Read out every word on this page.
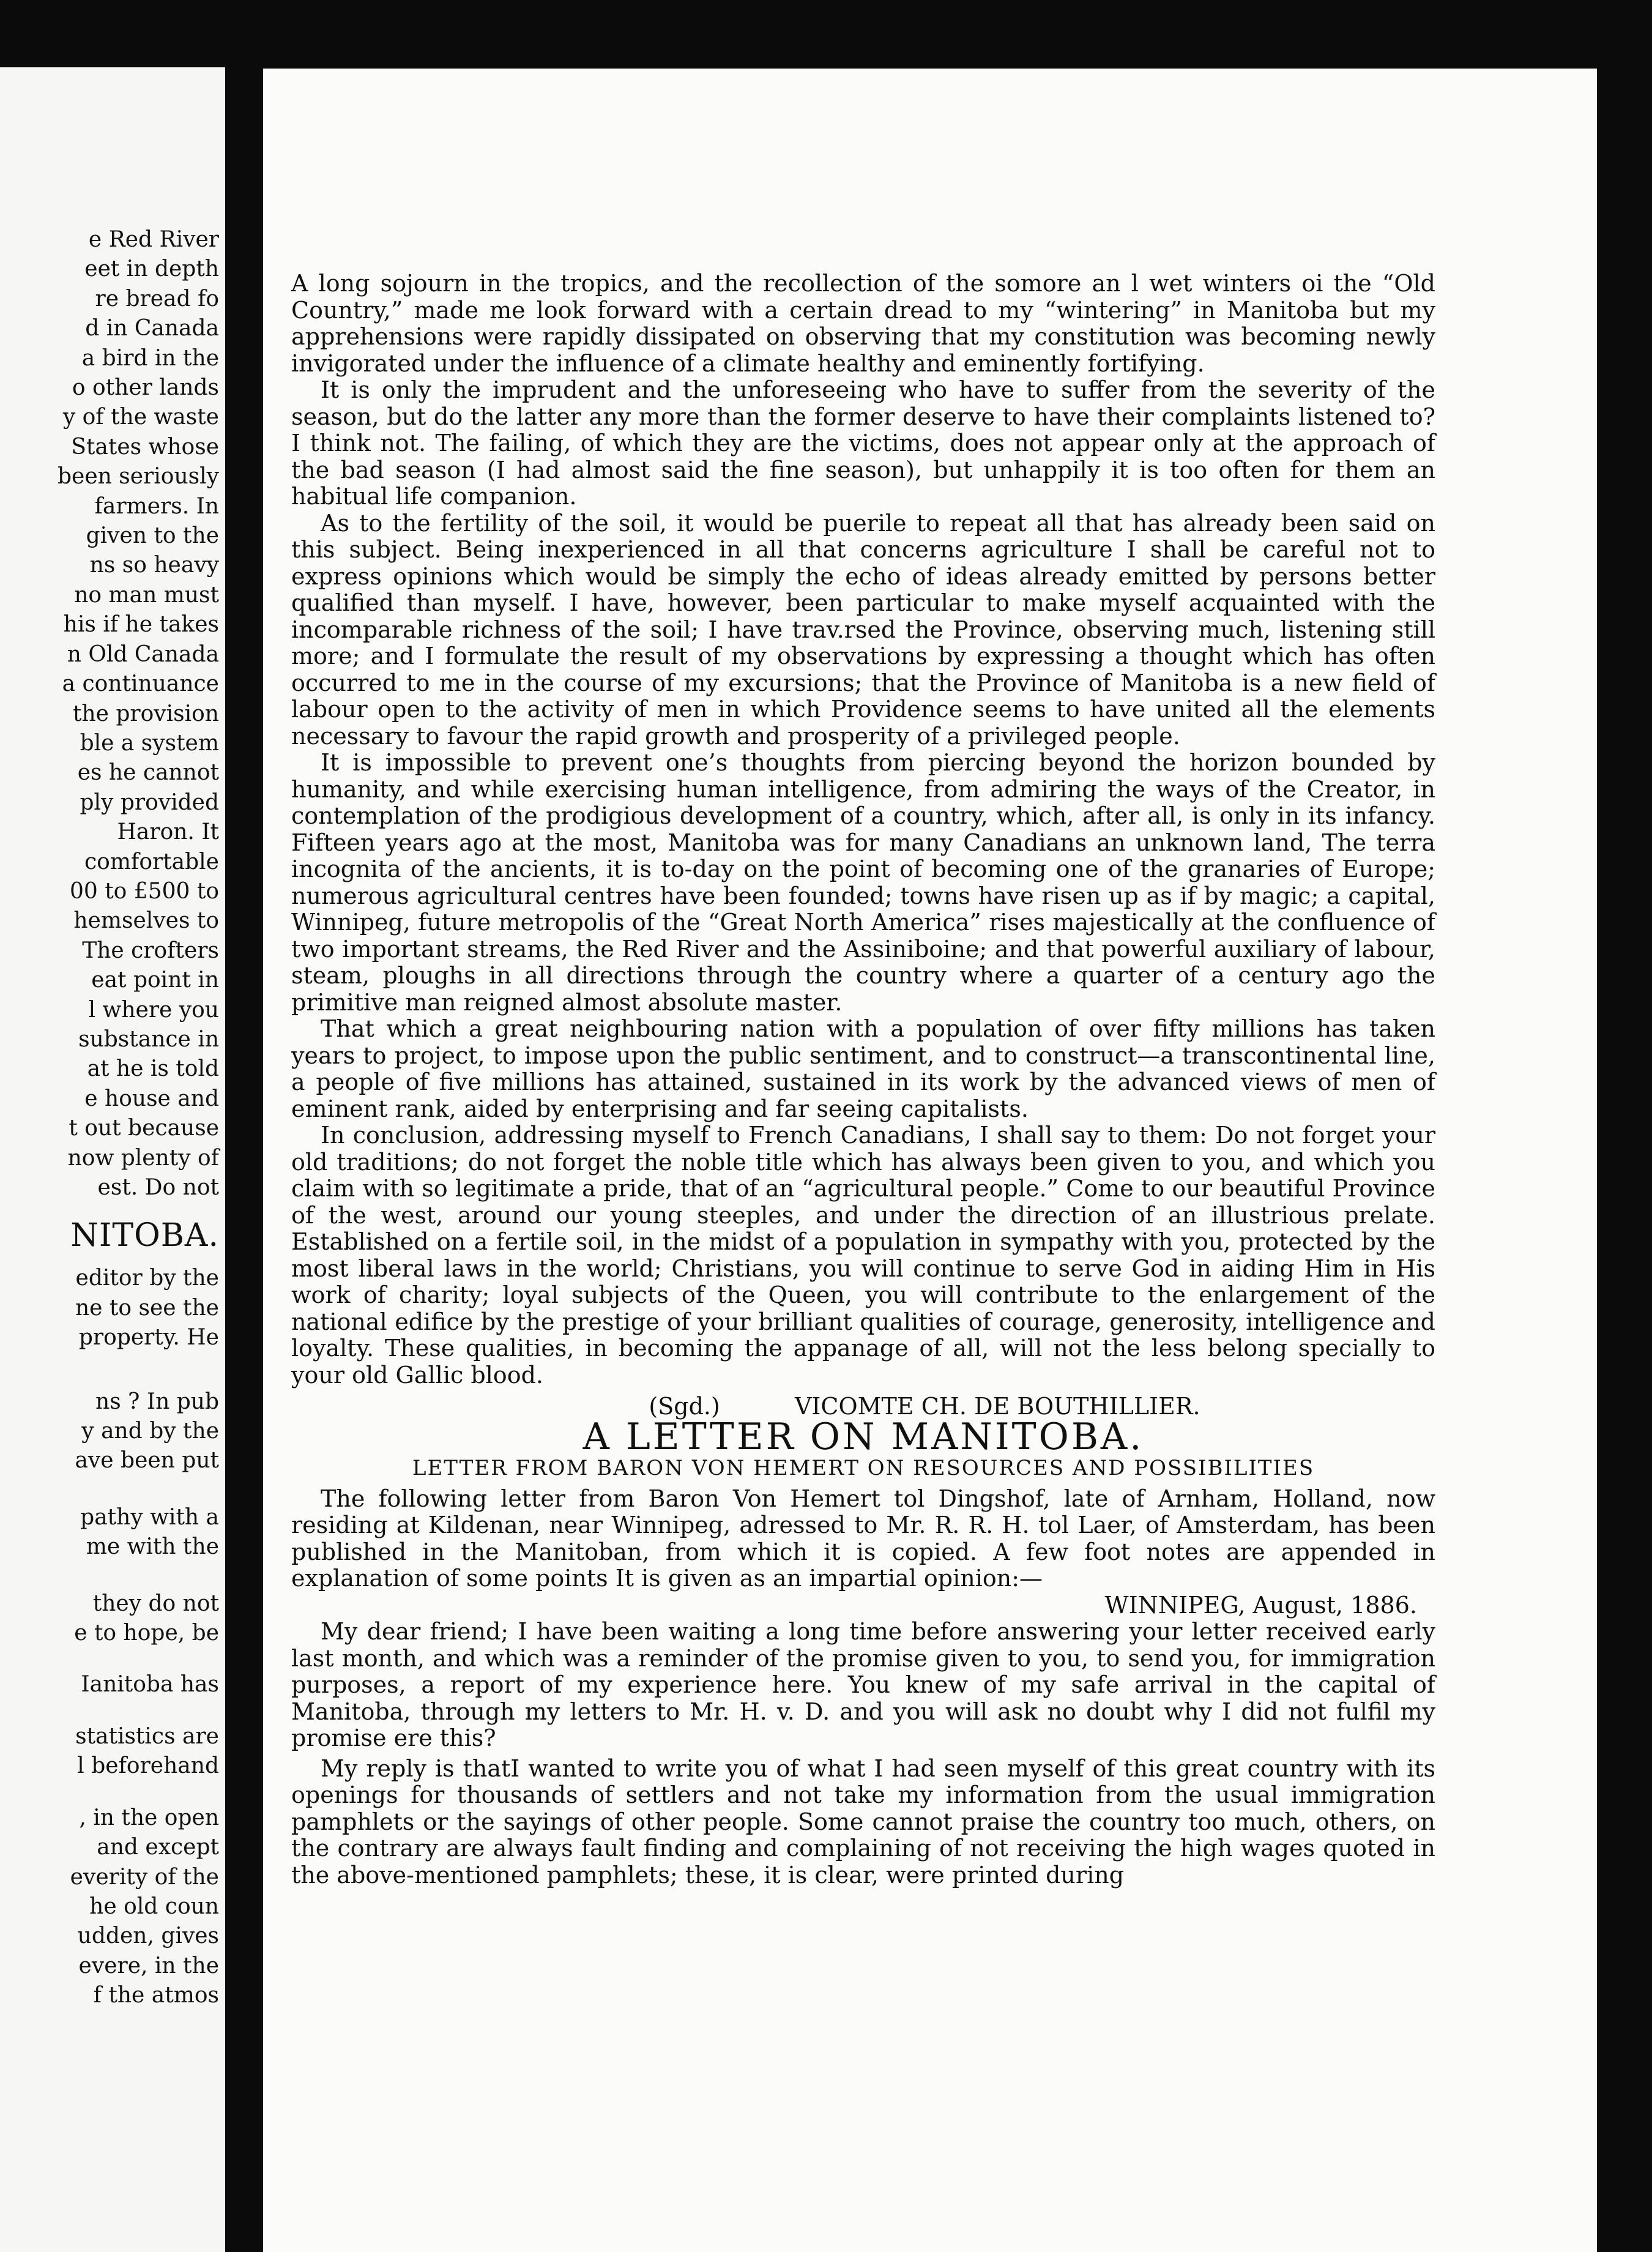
e Red River
eet in depth
re bread fo
d in Canada
a bird in the
o other lands
y of the waste
States whose
been seriously
farmers. In
given to the
ns so heavy
no man must
his if he takes
n Old Canada
a continuance
the provision
ble a system
es he cannot
ply provided
Haron. It
comfortable
00 to £500 to
hemselves to
The crofters
eat point in
l where you
substance in
at he is told
e house and
t out because
now plenty of
est. Do not
NITOBA.
editor by the
ne to see the
property. He
ns ? In pub
y and by the
ave been put
pathy with a
me with the
they do not
e to hope, be
Ianitoba has
statistics are
l beforehand
, in the open
and except
everity of the
he old coun
udden, gives
evere, in the
f the atmos

A long sojourn in the tropics, and the recollection of the somore an l wet winters oi the “Old Country,” made me look forward with a certain dread to my “wintering” in Manitoba but my apprehensions were rapidly dissipated on observing that my constitution was becoming newly invigorated under the influence of a climate healthy and eminently fortifying.

It is only the imprudent and the unforeseeing who have to suffer from the severity of the season, but do the latter any more than the former deserve to have their complaints listened to? I think not. The failing, of which they are the victims, does not appear only at the approach of the bad season (I had almost said the fine season), but unhappily it is too often for them an habitual life companion.

As to the fertility of the soil, it would be puerile to repeat all that has already been said on this subject. Being inexperienced in all that concerns agriculture I shall be careful not to express opinions which would be simply the echo of ideas already emitted by persons better qualified than myself. I have, however, been particular to make myself acquainted with the incomparable richness of the soil; I have trav.rsed the Province, observing much, listening still more; and I formulate the result of my observations by expressing a thought which has often occurred to me in the course of my excursions; that the Province of Manitoba is a new field of labour open to the activity of men in which Providence seems to have united all the elements necessary to favour the rapid growth and prosperity of a privileged people.

It is impossible to prevent one’s thoughts from piercing beyond the horizon bounded by humanity, and while exercising human intelligence, from admiring the ways of the Creator, in contemplation of the prodigious development of a country, which, after all, is only in its infancy. Fifteen years ago at the most, Manitoba was for many Canadians an unknown land, The terra incognita of the ancients, it is to-day on the point of becoming one of the granaries of Europe; numerous agricultural centres have been founded; towns have risen up as if by magic; a capital, Winnipeg, future metropolis of the “Great North America” rises majestically at the confluence of two important streams, the Red River and the Assiniboine; and that powerful auxiliary of labour, steam, ploughs in all directions through the country where a quarter of a century ago the primitive man reigned almost absolute master.

That which a great neighbouring nation with a population of over fifty millions has taken years to project, to impose upon the public sentiment, and to construct—a transcontinental line, a people of five millions has attained, sustained in its work by the advanced views of men of eminent rank, aided by enterprising and far seeing capitalists.

In conclusion, addressing myself to French Canadians, I shall say to them: Do not forget your old traditions; do not forget the noble title which has always been given to you, and which you claim with so legitimate a pride, that of an “agricultural people.” Come to our beautiful Province of the west, around our young steeples, and under the direction of an illustrious prelate. Established on a fertile soil, in the midst of a population in sympathy with you, protected by the most liberal laws in the world; Christians, you will continue to serve God in aiding Him in His work of charity; loyal subjects of the Queen, you will contribute to the enlargement of the national edifice by the prestige of your brilliant qualities of courage, generosity, intelligence and loyalty. These qualities, in becoming the appanage of all, will not the less belong specially to your old Gallic blood.

(Sgd.)	VICOMTE CH. DE BOUTHILLIER.
A LETTER ON MANITOBA.
LETTER FROM BARON VON HEMERT ON RESOURCES AND POSSIBILITIES

The following letter from Baron Von Hemert tol Dingshof, late of Arnham, Holland, now residing at Kildenan, near Winnipeg, adressed to Mr. R. R. H. tol Laer, of Amsterdam, has been published in the Manitoban, from which it is copied. A few foot notes are appended in explanation of some points It is given as an impartial opinion:—

WINNIPEG, August, 1886.

My dear friend; I have been waiting a long time before answering your letter received early last month, and which was a reminder of the promise given to you, to send you, for immigration purposes, a report of my experience here. You knew of my safe arrival in the capital of Manitoba, through my letters to Mr. H. v. D. and you will ask no doubt why I did not fulfil my promise ere this?

My reply is thatI wanted to write you of what I had seen myself of this great country with its openings for thousands of settlers and not take my information from the usual immigration pamphlets or the sayings of other people. Some cannot praise the country too much, others, on the contrary are always fault finding and complaining of not receiving the high wages quoted in the above-mentioned pamphlets; these, it is clear, were printed during
